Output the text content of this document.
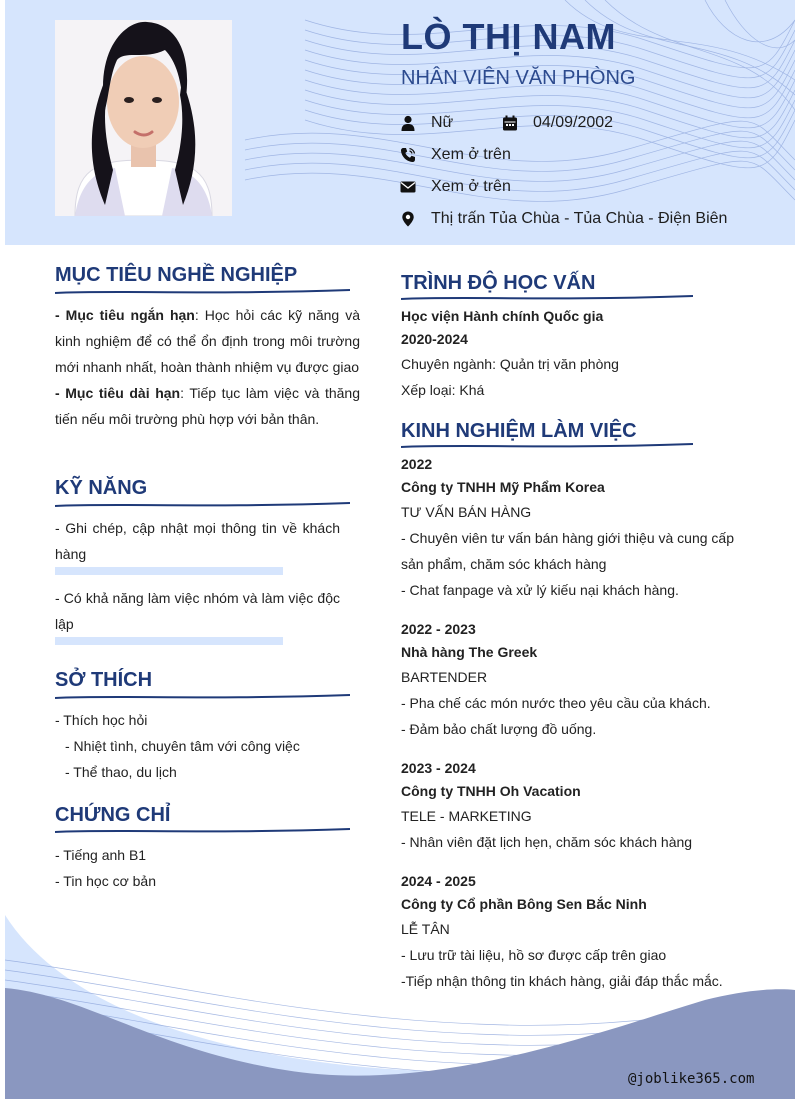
LÒ THỊ NAM

NHÂN VIÊN VĂN PHÒNG

Nữ	04/09/2002
Xem ở trên
Xem ở trên
Thị trấn Tủa Chùa - Tủa Chùa - Điện Biên
MỤC TIÊU NGHỀ NGHIỆP
- Mục tiêu ngắn hạn: Học hỏi các kỹ năng và kinh nghiệm để có thể ổn định trong môi trường mới nhanh nhất, hoàn thành nhiệm vụ được giao
- Mục tiêu dài hạn: Tiếp tục làm việc và thăng tiến nếu môi trường phù hợp với bản thân.
KỸ NĂNG
- Ghi chép, cập nhật mọi thông tin về khách hàng
- Có khả năng làm việc nhóm và làm việc độc lập
SỞ THÍCH
- Thích học hỏi
- Nhiệt tình, chuyên tâm với công việc
- Thể thao, du lịch
CHỨNG CHỈ
- Tiếng anh B1
- Tin học cơ bản
TRÌNH ĐỘ HỌC VẤN
Học viện Hành chính Quốc gia
2020-2024
Chuyên ngành: Quản trị văn phòng
Xếp loại: Khá
KINH NGHIỆM LÀM VIỆC
2022
Công ty TNHH Mỹ Phẩm Korea
TƯ VẤN BÁN HÀNG
- Chuyên viên tư vấn bán hàng giới thiệu và cung cấp sản phẩm, chăm sóc khách hàng
- Chat fanpage và xử lý kiếu nại khách hàng.
2022 - 2023
Nhà hàng The Greek
BARTENDER
- Pha chế các món nước theo yêu cầu của khách.
- Đảm bảo chất lượng đồ uống.
2023 - 2024
Công ty TNHH Oh Vacation
TELE - MARKETING
- Nhân viên đặt lịch hẹn, chăm sóc khách hàng
2024 - 2025
Công ty Cổ phần Bông Sen Bắc Ninh
LỄ TÂN
- Lưu trữ tài liệu, hồ sơ được cấp trên giao
-Tiếp nhận thông tin khách hàng, giải đáp thắc mắc.
@joblike365.com
